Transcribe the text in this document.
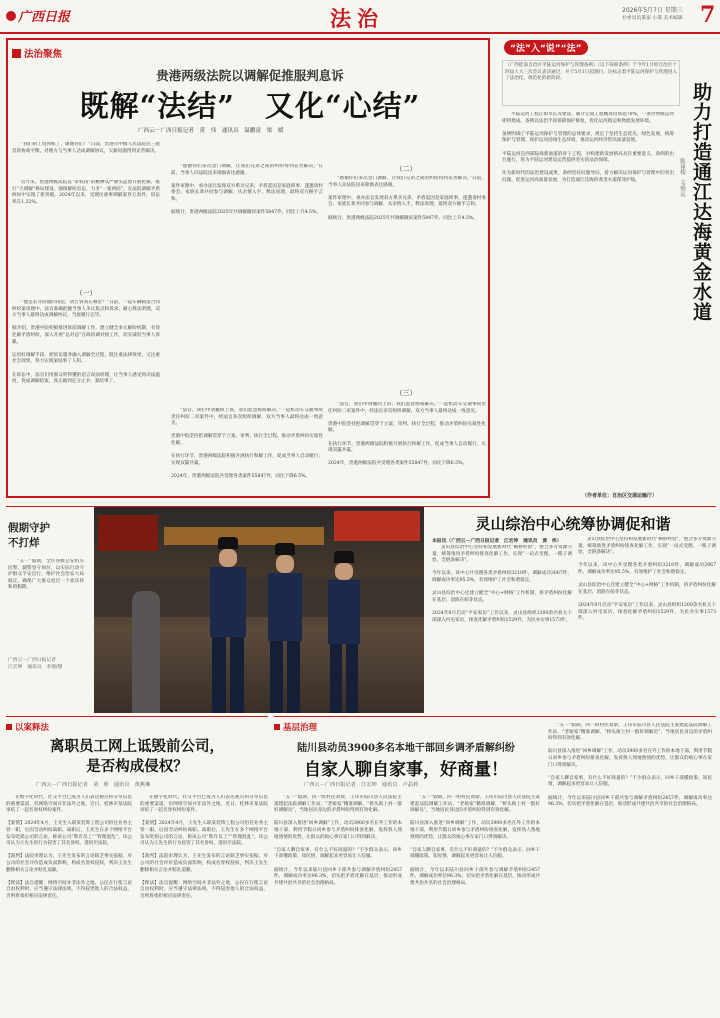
广西日报	法治	2026年5月7日 星期三
社委员员策案 小策 美术编辑 7
法治聚焦
贵港两级法院以调解促推服判息诉
既解“法结”　又化“心结”
广西云－广西日报记者　黄　伟　通讯员　温鹏富　梁　媛
“我们的工资到账了，谢谢你们！”日前，贵港市中级人民法院民三庭首款协商平衡，处理方与当事人达成调解协议，欠薪问题得到妥善解决。
近年来，贵港两级法院以“求权钱”的精神从严源头监督开展化解，推行“大调解”格局建设，强推解纷息讼，力争“一案两结”，在法院调解矛盾纠纷中实现了新突破。2024年以来，受理民商事调解案件万余件，诉讼率在1.22%。
（一）
“他是去寻找他的钱包，请告诉我在哪里？”日前，一起车辆载借合同纠纷案审理中，法官准确把握当事人争议焦点和诉求，耐心释法明理，双方当事人最终达成调解协议，当庭履行完毕。

据介绍，贵港中院积极推进诉前调解工作，建立健全多元解纷机制，有效化解矛盾纠纷，深入开展“总对总”在线诉调对接工作，切实减轻当事人诉累。

运用好调解手段，把诉讼服务融入调解全过程，既注重法律效果，又注重社会效果，努力实现案结事了人和。

在诉讼中，法官们用群众听得懂的语言说法析理，让当事人感受到司法温度，促成调解结案，真正做到定分止争、案结事了。
“感谢你们多次登门调解，让我们兄弟之间的纠纷得到妥善解决。”日前，当事人向法院送来锦旗表达感谢。

案件审理中，承办法官发现双方系亲兄弟，矛盾起因是家庭琐事，遂邀请村委会、家族长辈共同参与调解，从亲情入手，释法说理，最终双方握手言和。

据统计，贵港两级法院2025年共调解撤诉案件5847件，同比上升4.5%。
（二）
“感谢你们多次登门调解，让我们兄弟之间的纠纷得到妥善解决。”日前，当事人向法院送来锦旗表达感谢。

案件审理中，承办法官发现双方系亲兄弟，矛盾起因是家庭琐事，遂邀请村委会、家族长辈共同参与调解，从亲情入手，释法说理，最终双方握手言和。

据统计，贵港两级法院2025年共调解撤诉案件5847件，同比上升4.5%。
（三）
“法官，我们申请撤回上诉，我们愿意协商解决。”一起机动车交通事故责任纠纷二审案件中，经法官多次组织调解，双方当事人最终达成一致意见。

贵港中院坚持把调解贯穿于立案、审判、执行全过程，推动矛盾纠纷实质性化解。

在执行环节，贵港两级法院积极开展执行和解工作，促成当事人自动履行，实现双赢共赢。

2024年，贵港两级法院共受理各类案件55847件，同比下降6.5%。
“法官，我们申请撤回上诉，我们愿意协商解决。”一起机动车交通事故责任纠纷二审案件中，经法官多次组织调解，双方当事人最终达成一致意见。

贵港中院坚持把调解贯穿于立案、审判、执行全过程，推动矛盾纠纷实质性化解。

在执行环节，贵港两级法院积极开展执行和解工作，促成当事人自动履行，实现双赢共赢。

2024年，贵港两级法院共受理各类案件55847件，同比下降6.5%。
“法”入“说”“法”
（广西桂南自治区平陆运河保护与管理条例）（以下简称条例）于今年1月经自治区十四届人大三次会议表决通过，并于5月1日起施行。这标志着平陆运河保护与管理进入了法治化、规范化的新阶段。
助力打造通江达海黄金水道
陈禄棱　韦锦运
平陆运河工程江如水长等建设，累计完成工程概算投资超70%，一条世界级运河即将建成。条例以法治手段保障保护修复，优化运河航运和物流发展环境。

条例明确了平陆运河保护与管理的总体要求，规定了坚持生态优先、绿色发展，统筹保护与管理，保护运河沿线生态环境，推动运河经济带高质量发展。

平陆运河是西部陆海新通道的骨干工程，对构建新发展格局具有重要意义。条例的出台施行，将为平陆运河建设运营提供坚实的法治保障。

作为新时代的法治建设成果，条例坚持问题导向，着力解决运河保护与管理中的突出问题，促进运河高质量发展，为打造通江达海的黄金水道保驾护航。
（作者单位：自治区交通运输厅）
假期守护
不打烊
“五一”假期，全区各级公安机关民警、辅警坚守岗位，以实际行动守护群众平安出行，维护社会治安大局稳定，确保广大群众度过一个欢乐祥和的假期。
广西云－广西日报记者
江宏坤　通讯员　李瑞/摄
灵山综治中心统筹协调促和谐
本报讯（广西云－广西日报记者　江宏坤　通讯员　黄　伟）
灵山县综治中心坚持和发展新时代“枫桥经验”，整合多方资源力量，统筹推进矛盾纠纷排查化解工作，实现“一站式受理、一揽子调处、全链条解决”。

今年以来，该中心共受理各类矛盾纠纷3210件，调解成功3067件，调解成功率达95.5%，有效维护了社会和谐稳定。

灵山县综治中心还建立健全“中心+网格”工作机制，将矛盾纠纷化解在基层、消除在萌芽状态。

2024年8月启动“平安家访”工作以来，灵山县组织1200余名机关干部深入村屯家访，排查化解矛盾纠纷1529件，为民办实事1573件。
灵山县综治中心坚持和发展新时代“枫桥经验”，整合多方资源力量，统筹推进矛盾纠纷排查化解工作，实现“一站式受理、一揽子调处、全链条解决”。

今年以来，该中心共受理各类矛盾纠纷3210件，调解成功3067件，调解成功率达95.5%，有效维护了社会和谐稳定。

灵山县综治中心还建立健全“中心+网格”工作机制，将矛盾纠纷化解在基层、消除在萌芽状态。

2024年8月启动“平安家访”工作以来，灵山县组织1200余名机关干部深入村屯家访，排查化解矛盾纠纷1529件，为民办实事1573件。
以案释法
离职员工网上诋毁前公司，
是否构成侵权？
广西云－广西日报记者　刘　莉　通讯员　黄燕琳
在数字化时代，社交平台已成为人们表达观点和分享信息的重要渠道，但网络空间并非法外之地。近日，桂林市某法院审结了一起名誉权纠纷案件。

【案情】2024年4月，王先生入职某装饰工程公司担任业务主管一职，后因劳动纠纷离职。离职后，王先生在多个网络平台发布贬损公司的言论，称该公司“欺诈员工”“管理混乱”。该公司认为王先生的行为侵害了其名誉权，遂诉至法院。

【裁判】法院审理认为，王先生发布的言论缺乏事实依据，对公司的社会评价造成负面影响，构成名誉权侵权，判决王先生删除相关言论并赔礼道歉。

【释法】法官提醒：网络空间并非法外之地，公民在行使言论自由权利时，应当遵守法律法规，不得侵害他人的合法权益，否则将承担相应法律责任。
在数字化时代，社交平台已成为人们表达观点和分享信息的重要渠道，但网络空间并非法外之地。近日，桂林市某法院审结了一起名誉权纠纷案件。

【案情】2024年4月，王先生入职某装饰工程公司担任业务主管一职，后因劳动纠纷离职。离职后，王先生在多个网络平台发布贬损公司的言论，称该公司“欺诈员工”“管理混乱”。该公司认为王先生的行为侵害了其名誉权，遂诉至法院。

【裁判】法院审理认为，王先生发布的言论缺乏事实依据，对公司的社会评价造成负面影响，构成名誉权侵权，判决王先生删除相关言论并赔礼道歉。

【释法】法官提醒：网络空间并非法外之地，公民在行使言论自由权利时，应当遵守法律法规，不得侵害他人的合法权益，否则将承担相应法律责任。
基层治理
陆川县动员3900多名本地干部回乡调矛盾解纠纷
自家人聊自家事，好商量！
广西云－广西日报记者　江宏坤　通讯员　卢晶莉
“五一”假期，四一组村民刘梁，王伟市陆川县人民法院主案建起法院调解工作站，“老娘家”精准调解，“桥头街上村一群好调解员”，当地居民身边的矛盾纠纷得到有效化解。

陆川县深入推进“回乡调解”工作，动员3900多名在外工作的本地干部，利用节假日回乡参与矛盾纠纷排查化解，发挥熟人熟地熟情的优势，让群众的烦心事在家门口得到解决。

“自家人聊自家事，有什么不好商量的？”不少群众表示，回乡干部懂政策、知民情，调解起来更容易让人信服。

据统计，今年以来陆川县回乡干部共参与调解矛盾纠纷2457件，调解成功率达96.3%，切实把矛盾化解在基层，推动形成共建共治共享的社会治理格局。
“五一”假期，四一组村民刘梁，王伟市陆川县人民法院主案建起法院调解工作站，“老娘家”精准调解，“桥头街上村一群好调解员”，当地居民身边的矛盾纠纷得到有效化解。

陆川县深入推进“回乡调解”工作，动员3900多名在外工作的本地干部，利用节假日回乡参与矛盾纠纷排查化解，发挥熟人熟地熟情的优势，让群众的烦心事在家门口得到解决。

“自家人聊自家事，有什么不好商量的？”不少群众表示，回乡干部懂政策、知民情，调解起来更容易让人信服。

据统计，今年以来陆川县回乡干部共参与调解矛盾纠纷2457件，调解成功率达96.3%，切实把矛盾化解在基层，推动形成共建共治共享的社会治理格局。
“五一”假期，四一组村民刘梁，王伟市陆川县人民法院主案建起法院调解工作站，“老娘家”精准调解，“桥头街上村一群好调解员”，当地居民身边的矛盾纠纷得到有效化解。

陆川县深入推进“回乡调解”工作，动员3900多名在外工作的本地干部，利用节假日回乡参与矛盾纠纷排查化解，发挥熟人熟地熟情的优势，让群众的烦心事在家门口得到解决。

“自家人聊自家事，有什么不好商量的？”不少群众表示，回乡干部懂政策、知民情，调解起来更容易让人信服。

据统计，今年以来陆川县回乡干部共参与调解矛盾纠纷2457件，调解成功率达96.3%，切实把矛盾化解在基层，推动形成共建共治共享的社会治理格局。
